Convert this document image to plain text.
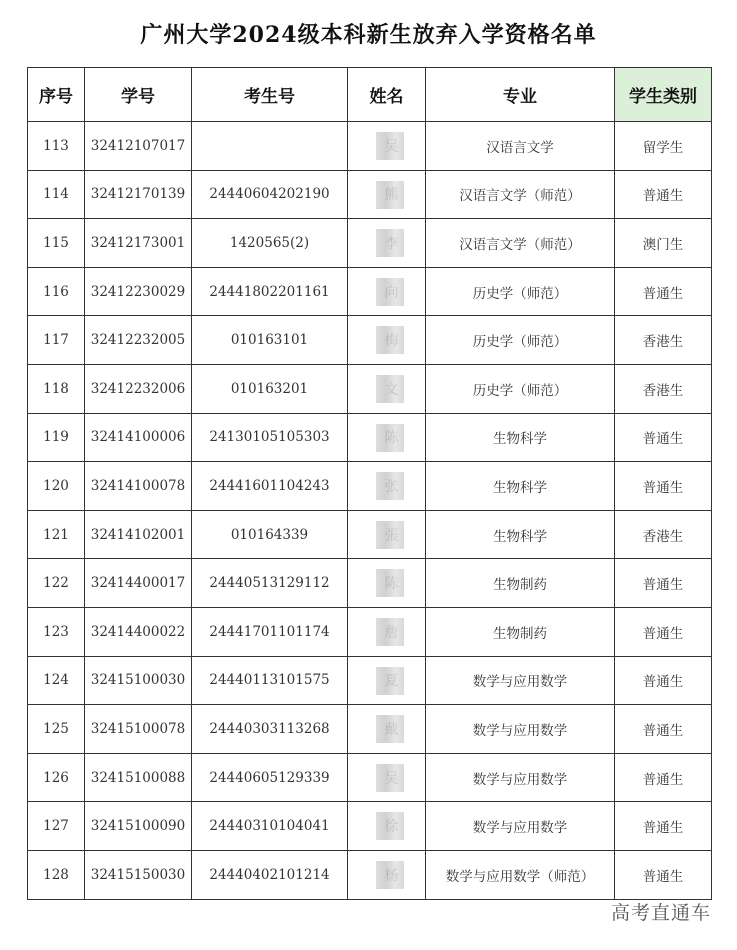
广州大学2024级本科新生放弃入学资格名单
序号	学号	考生号	姓名	专业	学生类别
113	32412107017			汉语言文学	留学生
114	32412170139	24440604202190		汉语言文学（师范）	普通生
115	32412173001	1420565(2)		汉语言文学（师范）	澳门生
116	32412230029	24441802201161		历史学（师范）	普通生
117	32412232005	010163101		历史学（师范）	香港生
118	32412232006	010163201		历史学（师范）	香港生
119	32414100006	24130105105303		生物科学	普通生
120	32414100078	24441601104243		生物科学	普通生
121	32414102001	010164339		生物科学	香港生
122	32414400017	24440513129112		生物制药	普通生
123	32414400022	24441701101174		生物制药	普通生
124	32415100030	24440113101575		数学与应用数学	普通生
125	32415100078	24440303113268		数学与应用数学	普通生
126	32415100088	24440605129339		数学与应用数学	普通生
127	32415100090	24440310104041		数学与应用数学	普通生
128	32415150030	24440402101214		数学与应用数学（师范）	普通生
高考直通车
